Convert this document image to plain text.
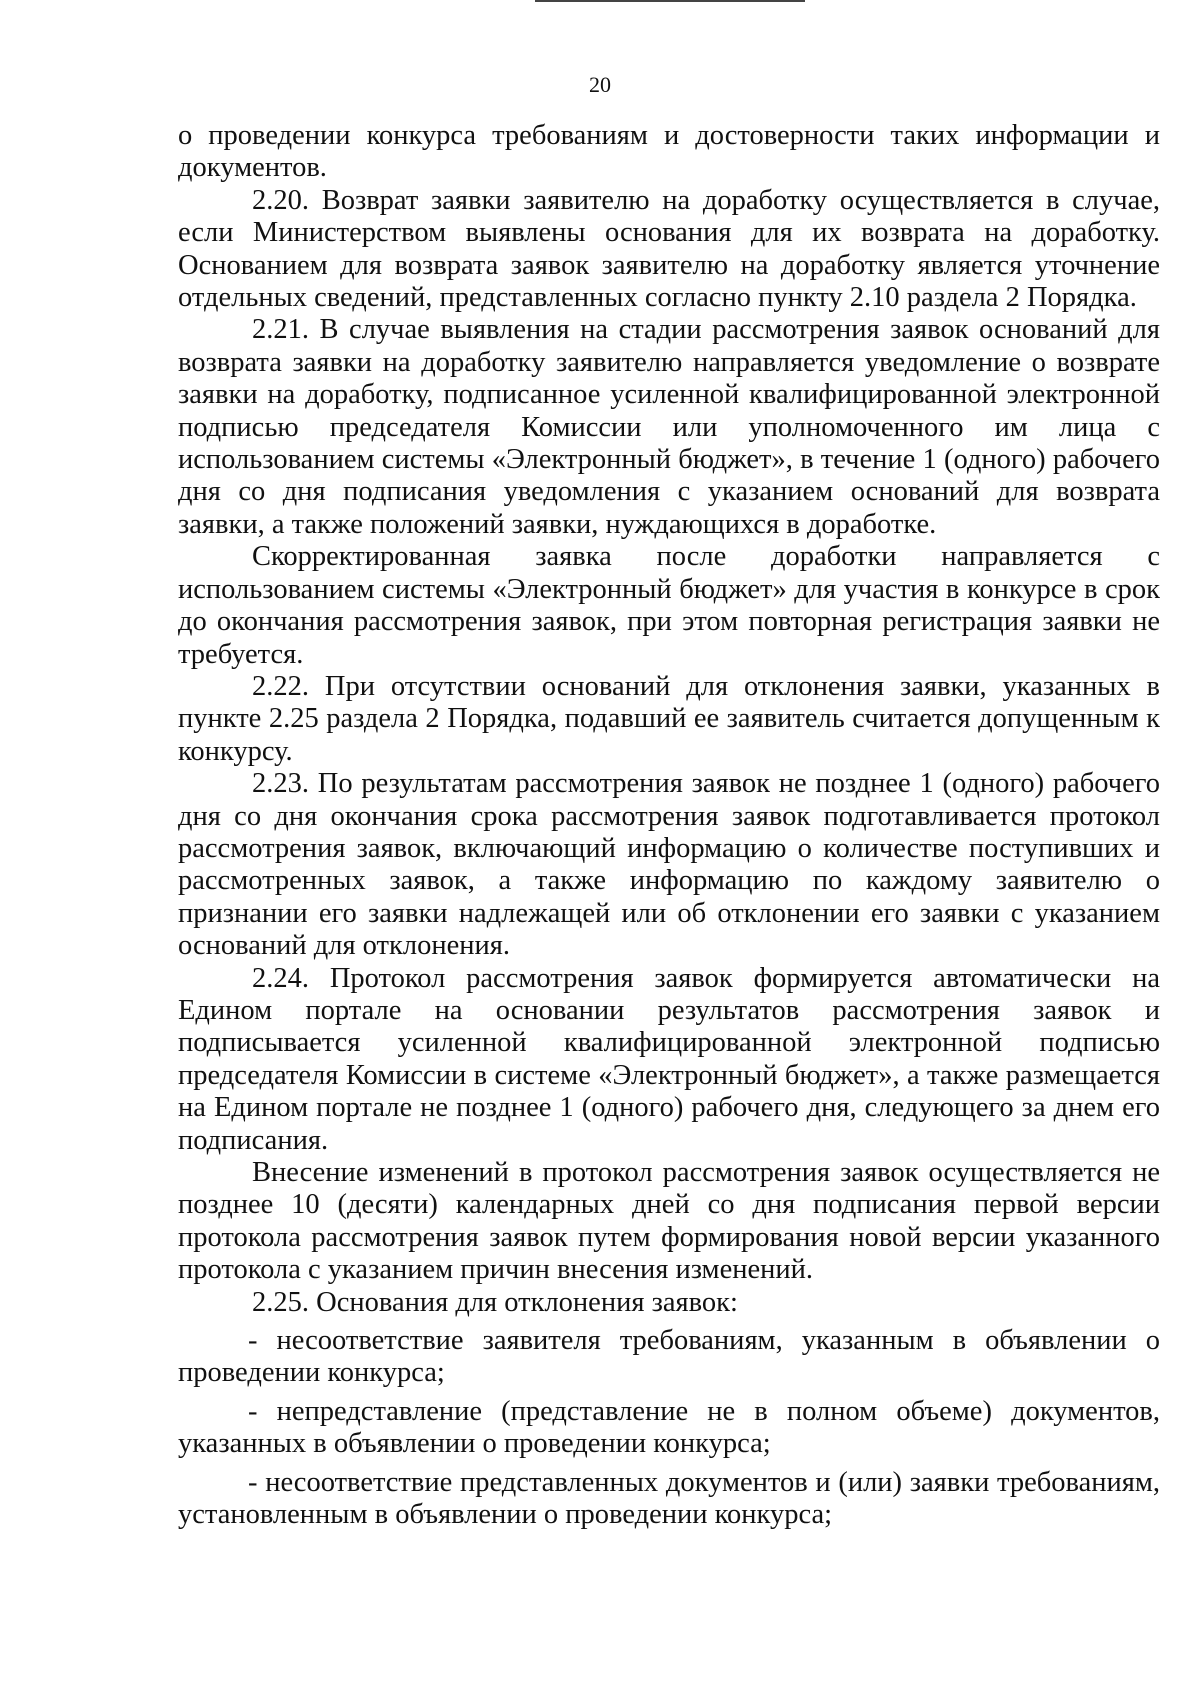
20

о проведении конкурса требованиям и достоверности таких информации и документов.

2.20. Возврат заявки заявителю на доработку осуществляется в случае, если Министерством выявлены основания для их возврата на доработку. Основанием для возврата заявок заявителю на доработку является уточнение отдельных сведений, представленных согласно пункту 2.10 раздела 2 Порядка.

2.21. В случае выявления на стадии рассмотрения заявок оснований для возврата заявки на доработку заявителю направляется уведомление о возврате заявки на доработку, подписанное усиленной квалифицированной электронной подписью председателя Комиссии или уполномоченного им лица с использованием системы «Электронный бюджет», в течение 1 (одного) рабочего дня со дня подписания уведомления с указанием оснований для возврата заявки, а также положений заявки, нуждающихся в доработке.

Скорректированная заявка после доработки направляется с использованием системы «Электронный бюджет» для участия в конкурсе в срок до окончания рассмотрения заявок, при этом повторная регистрация заявки не требуется.

2.22. При отсутствии оснований для отклонения заявки, указанных в пункте 2.25 раздела 2 Порядка, подавший ее заявитель считается допущенным к конкурсу.

2.23. По результатам рассмотрения заявок не позднее 1 (одного) рабочего дня со дня окончания срока рассмотрения заявок подготавливается протокол рассмотрения заявок, включающий информацию о количестве поступивших и рассмотренных заявок, а также информацию по каждому заявителю о признании его заявки надлежащей или об отклонении его заявки с указанием оснований для отклонения.

2.24. Протокол рассмотрения заявок формируется автоматически на Едином портале на основании результатов рассмотрения заявок и подписывается усиленной квалифицированной электронной подписью председателя Комиссии в системе «Электронный бюджет», а также размещается на Едином портале не позднее 1 (одного) рабочего дня, следующего за днем его подписания.

Внесение изменений в протокол рассмотрения заявок осуществляется не позднее 10 (десяти) календарных дней со дня подписания первой версии протокола рассмотрения заявок путем формирования новой версии указанного протокола с указанием причин внесения изменений.

2.25. Основания для отклонения заявок:

- несоответствие заявителя требованиям, указанным в объявлении о проведении конкурса;

- непредставление (представление не в полном объеме) документов, указанных в объявлении о проведении конкурса;

- несоответствие представленных документов и (или) заявки требованиям, установленным в объявлении о проведении конкурса;
